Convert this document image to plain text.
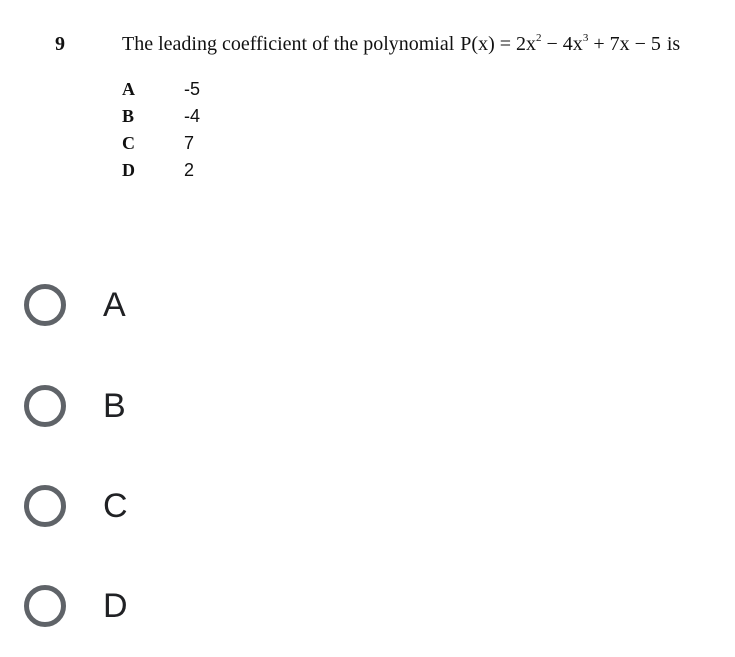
9	The leading coefficient of the polynomial $P(x) = 2x^2 - 4x^3 + 7x - 5$ is
A	-5
B	-4
C	7
D	2
A
B
C
D
